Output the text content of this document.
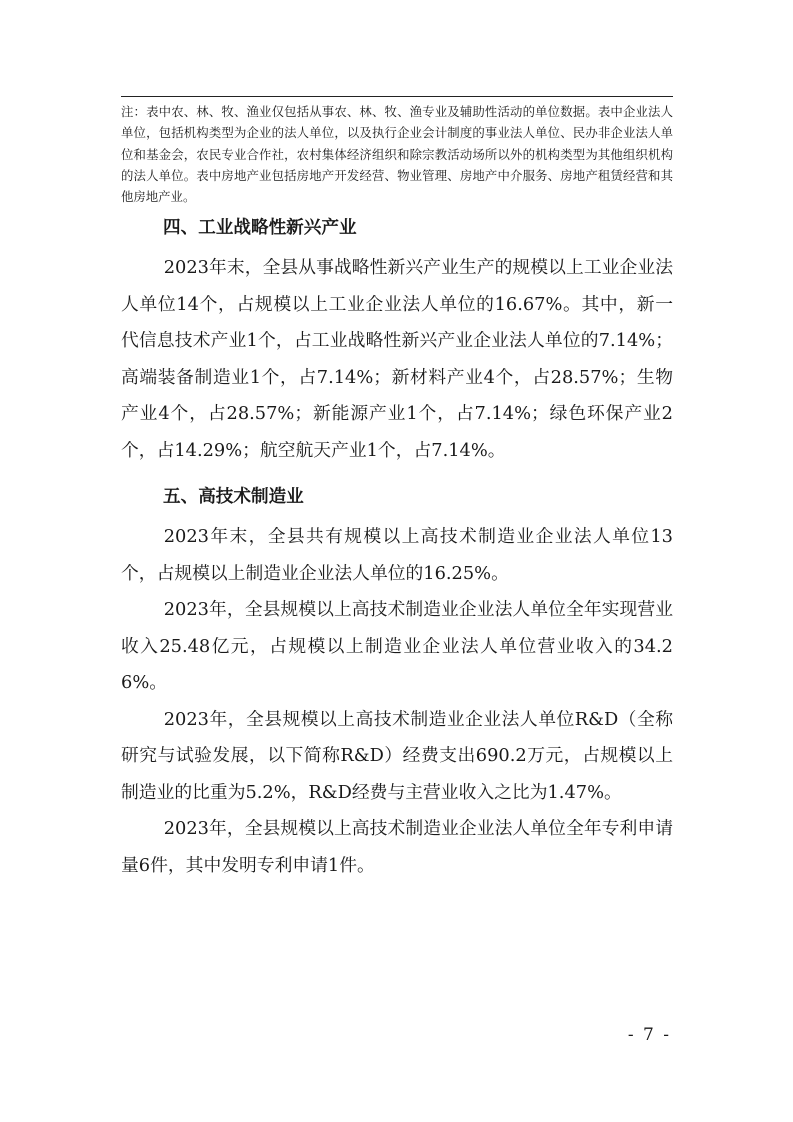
注：表中农、林、牧、渔业仅包括从事农、林、牧、渔专业及辅助性活动的单位数据。表中企业法人单位，包括机构类型为企业的法人单位，以及执行企业会计制度的事业法人单位、民办非企业法人单位和基金会，农民专业合作社，农村集体经济组织和除宗教活动场所以外的机构类型为其他组织机构的法人单位。表中房地产业包括房地产开发经营、物业管理、房地产中介服务、房地产租赁经营和其他房地产业。
四、工业战略性新兴产业

2023年末，全县从事战略性新兴产业生产的规模以上工业企业法人单位14个，占规模以上工业企业法人单位的16.67%。其中，新一代信息技术产业1个，占工业战略性新兴产业企业法人单位的7.14%；高端装备制造业1个，占7.14%；新材料产业4个，占28.57%；生物产业4个，占28.57%；新能源产业1个，占7.14%；绿色环保产业2个，占14.29%；航空航天产业1个，占7.14%。

五、高技术制造业

2023年末，全县共有规模以上高技术制造业企业法人单位13个，占规模以上制造业企业法人单位的16.25%。

2023年，全县规模以上高技术制造业企业法人单位全年实现营业收入25.48亿元，占规模以上制造业企业法人单位营业收入的34.26%。

2023年，全县规模以上高技术制造业企业法人单位R&D（全称研究与试验发展，以下简称R&D）经费支出690.2万元，占规模以上制造业的比重为5.2%，R&D经费与主营业收入之比为1.47%。

2023年，全县规模以上高技术制造业企业法人单位全年专利申请量6件，其中发明专利申请1件。

- 7 -
